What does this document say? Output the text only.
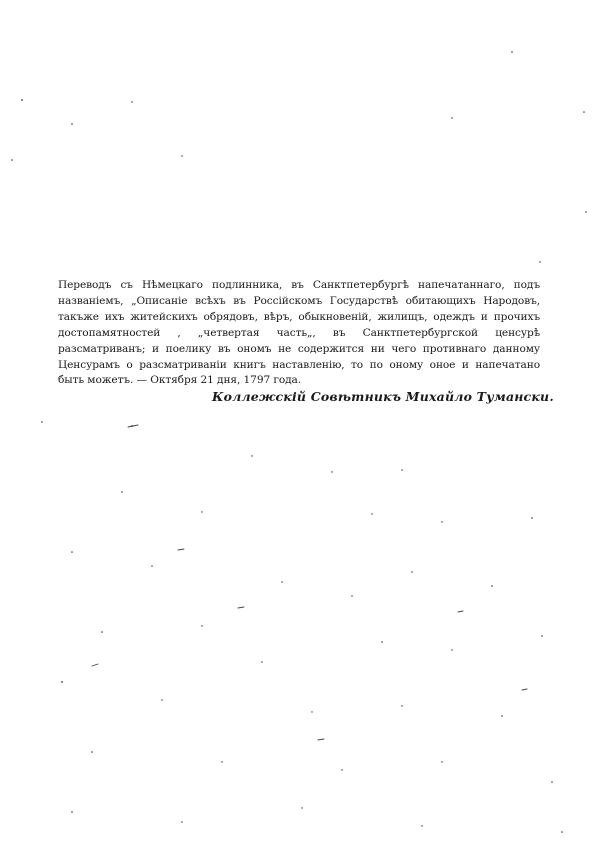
Переводъ съ Нѣмецкаго подлинника, въ Санктпетербургѣ напечатаннаго, подъ
названіемъ, „Описаніе всѣхъ въ Россійскомъ Государствѣ обитающихъ Народовъ,
такъже ихъ житейскихъ обрядовъ, вѣръ, обыкновеній, жилищъ, одеждъ и прочихъ
достопамятностей , „четвертая часть„, въ Санктпетербургской ценсурѣ
разсматриванъ; и поелику въ ономъ не содержится ни чего противнаго данному
Ценсурамъ о разсматриваніи книгъ наставленію, то по оному оное и напечатано
быть можетъ. — Октября 21 дня, 1797 года.

Коллежскій Совѣтникъ Михайло Тумански.
